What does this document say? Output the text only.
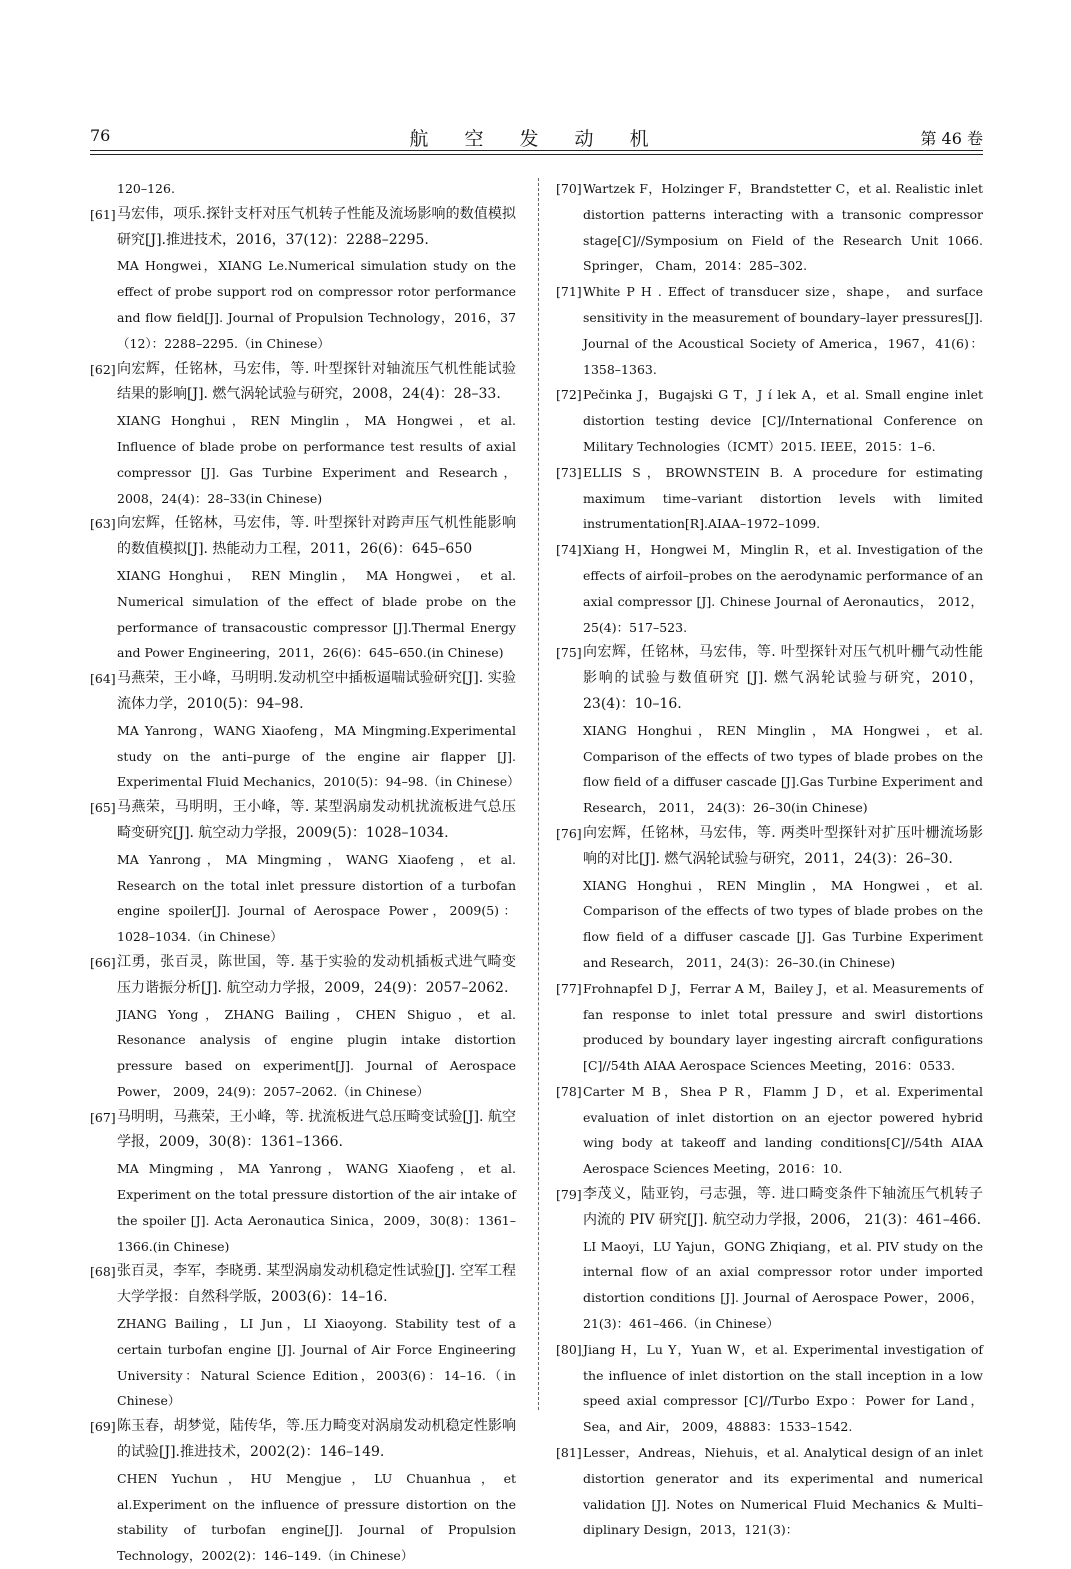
76	航 空 发 动 机	第 46 卷
120–126.
[61] 马宏伟，项乐.探针支杆对压气机转子性能及流场影响的数值模拟研究[J].推进技术，2016，37(12)：2288–2295.
MA Hongwei，XIANG Le.Numerical simulation study on the effect of probe support rod on compressor rotor performance and flow field[J]. Journal of Propulsion Technology，2016，37（12）：2288–2295.（in Chinese）
[62] 向宏辉，任铭林，马宏伟，等. 叶型探针对轴流压气机性能试验结果的影响[J]. 燃气涡轮试验与研究，2008，24(4)：28–33.
XIANG Honghui，REN Minglin，MA Hongwei，et al. Influence of blade probe on performance test results of axial compressor [J]. Gas Turbine Experiment and Research，2008，24(4)：28–33(in Chinese)
[63] 向宏辉，任铭林，马宏伟，等. 叶型探针对跨声压气机性能影响的数值模拟[J]. 热能动力工程，2011，26(6)：645–650
XIANG Honghui， REN Minglin， MA Hongwei， et al. Numerical simulation of the effect of blade probe on the performance of transacoustic compressor [J].Thermal Energy and Power Engineering，2011，26(6)：645–650.(in Chinese)
[64] 马燕荣，王小峰，马明明.发动机空中插板逼喘试验研究[J]. 实验流体力学，2010(5)：94–98.
MA Yanrong，WANG Xiaofeng，MA Mingming.Experimental study on the anti–purge of the engine air flapper [J]. Experimental Fluid Mechanics，2010(5)：94–98.（in Chinese）
[65] 马燕荣，马明明，王小峰，等. 某型涡扇发动机扰流板进气总压畸变研究[J]. 航空动力学报，2009(5)：1028–1034.
MA Yanrong，MA Mingming，WANG Xiaofeng，et al. Research on the total inlet pressure distortion of a turbofan engine spoiler[J]. Journal of Aerospace Power，2009(5)：1028–1034.（in Chinese）
[66] 江勇，张百灵，陈世国，等. 基于实验的发动机插板式进气畸变压力谐振分析[J]. 航空动力学报，2009，24(9)：2057–2062.
JIANG Yong，ZHANG Bailing，CHEN Shiguo，et al. Resonance analysis of engine plugin intake distortion pressure based on experiment[J]. Journal of Aerospace Power， 2009，24(9)：2057–2062.（in Chinese）
[67] 马明明，马燕荣，王小峰，等. 扰流板进气总压畸变试验[J]. 航空学报，2009，30(8)：1361–1366.
MA Mingming，MA Yanrong，WANG Xiaofeng，et al. Experiment on the total pressure distortion of the air intake of the spoiler [J]. Acta Aeronautica Sinica，2009，30(8)：1361–1366.(in Chinese)
[68] 张百灵，李军，李晓勇. 某型涡扇发动机稳定性试验[J]. 空军工程大学学报：自然科学版，2003(6)：14–16.
ZHANG Bailing，LI Jun，LI Xiaoyong. Stability test of a certain turbofan engine [J]. Journal of Air Force Engineering University：Natural Science Edition，2003(6)：14–16.（in Chinese）
[69] 陈玉春，胡梦觉，陆传华，等.压力畸变对涡扇发动机稳定性影响的试验[J].推进技术，2002(2)：146–149.
CHEN Yuchun，HU Mengjue，LU Chuanhua，et al.Experiment on the influence of pressure distortion on the stability of turbofan engine[J]. Journal of Propulsion Technology，2002(2)：146–149.（in Chinese）
[70] Wartzek F，Holzinger F，Brandstetter C，et al. Realistic inlet distortion patterns interacting with a transonic compressor stage[C]//Symposium on Field of the Research Unit 1066. Springer， Cham，2014：285–302.
[71] White P H . Effect of transducer size，shape， and surface sensitivity in the measurement of boundary–layer pressures[J]. Journal of the Acoustical Society of America，1967，41(6)：1358–1363.
[72] Pečinka J，Bugajski G T，J í lek A，et al. Small engine inlet distortion testing device [C]//International Conference on Military Technologies（ICMT）2015. IEEE，2015：1–6.
[73] ELLIS S，BROWNSTEIN B. A procedure for estimating maximum time–variant distortion levels with limited instrumentation[R].AIAA–1972–1099.
[74] Xiang H，Hongwei M，Minglin R，et al. Investigation of the effects of airfoil–probes on the aerodynamic performance of an axial compressor [J]. Chinese Journal of Aeronautics， 2012，25(4)：517–523.
[75] 向宏辉，任铭林，马宏伟，等. 叶型探针对压气机叶栅气动性能影响的试验与数值研究 [J]. 燃气涡轮试验与研究，2010，23(4)：10–16.
XIANG Honghui，REN Minglin，MA Hongwei，et al. Comparison of the effects of two types of blade probes on the flow field of a diffuser cascade [J].Gas Turbine Experiment and Research， 2011， 24(3)：26–30(in Chinese)
[76] 向宏辉，任铭林，马宏伟，等. 两类叶型探针对扩压叶栅流场影响的对比[J]. 燃气涡轮试验与研究，2011，24(3)：26–30.
XIANG Honghui，REN Minglin，MA Hongwei，et al. Comparison of the effects of two types of blade probes on the flow field of a diffuser cascade [J]. Gas Turbine Experiment and Research， 2011，24(3)：26–30.(in Chinese)
[77] Frohnapfel D J，Ferrar A M，Bailey J，et al. Measurements of fan response to inlet total pressure and swirl distortions produced by boundary layer ingesting aircraft configurations [C]//54th AIAA Aerospace Sciences Meeting，2016：0533.
[78] Carter M B，Shea P R，Flamm J D，et al. Experimental evaluation of inlet distortion on an ejector powered hybrid wing body at takeoff and landing conditions[C]//54th AIAA Aerospace Sciences Meeting，2016：10.
[79] 李茂义，陆亚钧，弓志强，等. 进口畸变条件下轴流压气机转子内流的 PIV 研究[J]. 航空动力学报，2006， 21(3)：461–466.
LI Maoyi，LU Yajun，GONG Zhiqiang，et al. PIV study on the internal flow of an axial compressor rotor under imported distortion conditions [J]. Journal of Aerospace Power，2006，21(3)：461–466.（in Chinese）
[80] Jiang H，Lu Y，Yuan W，et al. Experimental investigation of the influence of inlet distortion on the stall inception in a low speed axial compressor [C]//Turbo Expo：Power for Land，Sea，and Air， 2009，48883：1533–1542.
[81] Lesser，Andreas，Niehuis，et al. Analytical design of an inlet distortion generator and its experimental and numerical validation [J]. Notes on Numerical Fluid Mechanics & Multi–diplinary Design，2013，121(3)：
